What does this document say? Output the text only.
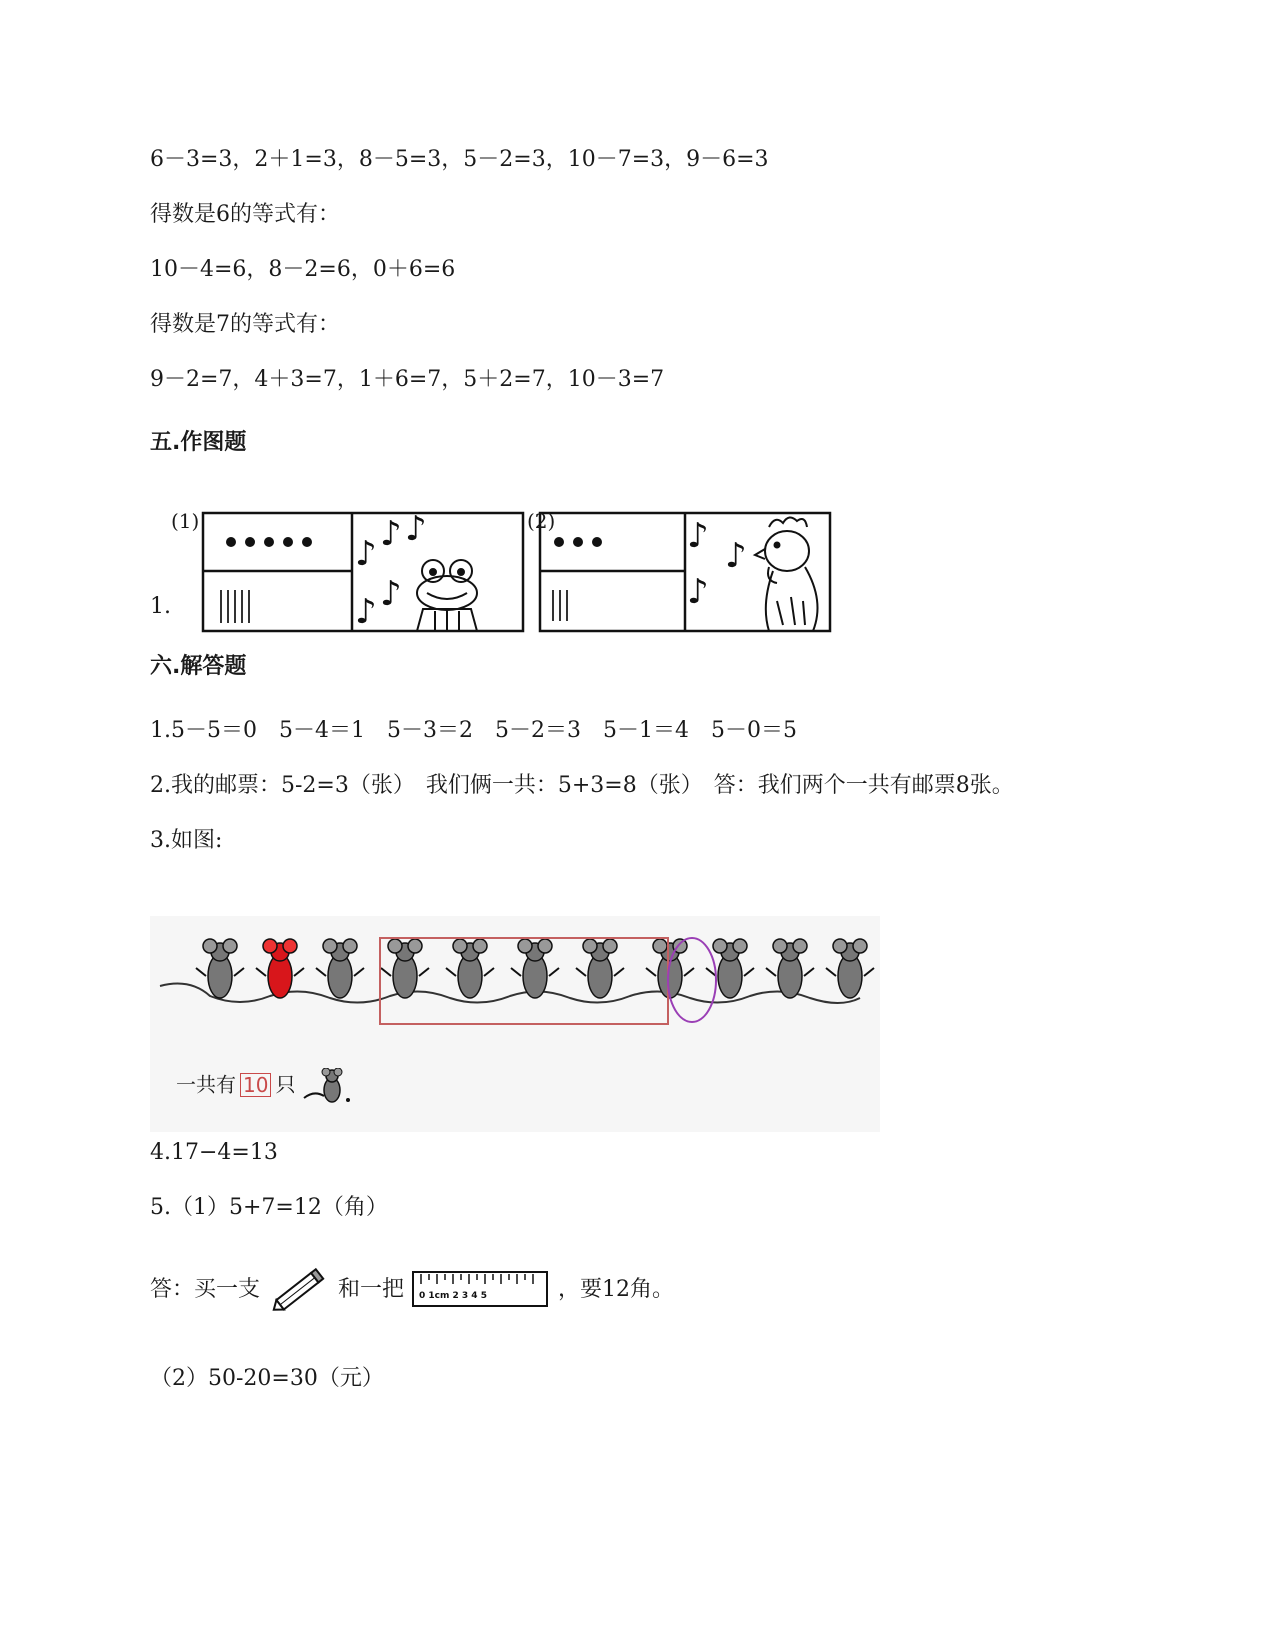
6－3=3，2＋1=3，8－5=3，5－2=3，10－7=3，9－6=3
得数是6的等式有：
10－4=6，8－2=6，0＋6=6
得数是7的等式有：
9－2=7，4＋3=7，1＋6=7，5＋2=7，10－3=7
五.作图题
1.
(1)	(2)
♪ ♪ ♪
♪ ♪
♪ ♪
♪
六.解答题
1.5－5＝0　5－4＝1　5－3＝2　5－2＝3　5－1＝4　5－0＝5
2.我的邮票：5-2=3（张）　我们俩一共：5+3=8（张）　答：我们两个一共有邮票8张。
3.如图:
一共有 10 只
4.17−4=13
5.（1）5+7=12（角）
答：买一支	和一把 0 1cm 2 3 4 5	，要12角。
（2）50-20=30（元）
